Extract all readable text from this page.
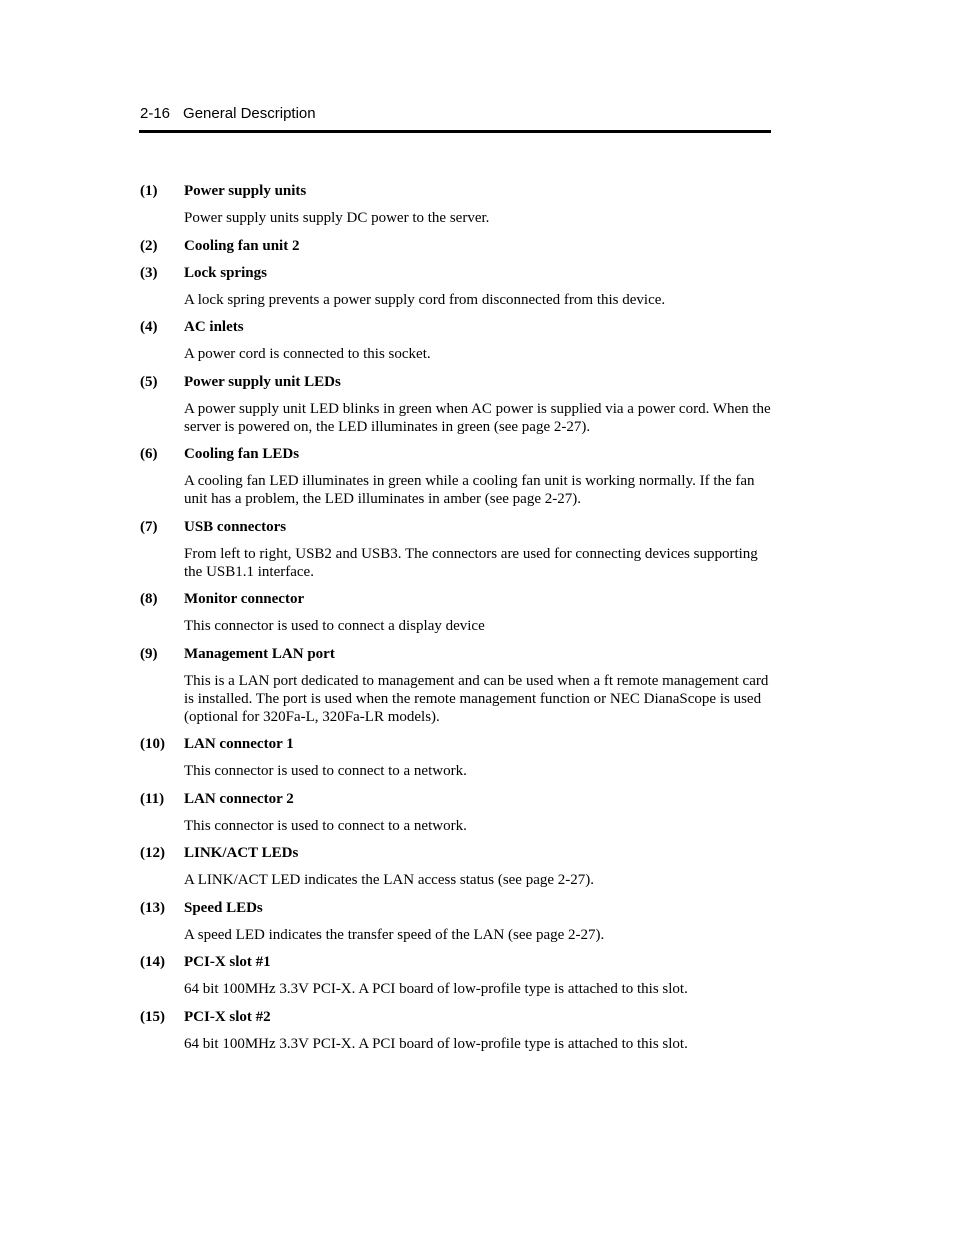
2-16 General Description
(1) Power supply units
Power supply units supply DC power to the server.
(2) Cooling fan unit 2
(3) Lock springs
A lock spring prevents a power supply cord from disconnected from this device.
(4) AC inlets
A power cord is connected to this socket.
(5) Power supply unit LEDs
A power supply unit LED blinks in green when AC power is supplied via a power cord. When the server is powered on, the LED illuminates in green (see page 2-27).
(6) Cooling fan LEDs
A cooling fan LED illuminates in green while a cooling fan unit is working normally. If the fan unit has a problem, the LED illuminates in amber (see page 2-27).
(7) USB connectors
From left to right, USB2 and USB3. The connectors are used for connecting devices supporting the USB1.1 interface.
(8) Monitor connector
This connector is used to connect a display device
(9) Management LAN port
This is a LAN port dedicated to management and can be used when a ft remote management card is installed. The port is used when the remote management function or NEC DianaScope is used (optional for 320Fa-L, 320Fa-LR models).
(10) LAN connector 1
This connector is used to connect to a network.
(11) LAN connector 2
This connector is used to connect to a network.
(12) LINK/ACT LEDs
A LINK/ACT LED indicates the LAN access status (see page 2-27).
(13) Speed LEDs
A speed LED indicates the transfer speed of the LAN (see page 2-27).
(14) PCI-X slot #1
64 bit 100MHz 3.3V PCI-X. A PCI board of low-profile type is attached to this slot.
(15) PCI-X slot #2
64 bit 100MHz 3.3V PCI-X. A PCI board of low-profile type is attached to this slot.
